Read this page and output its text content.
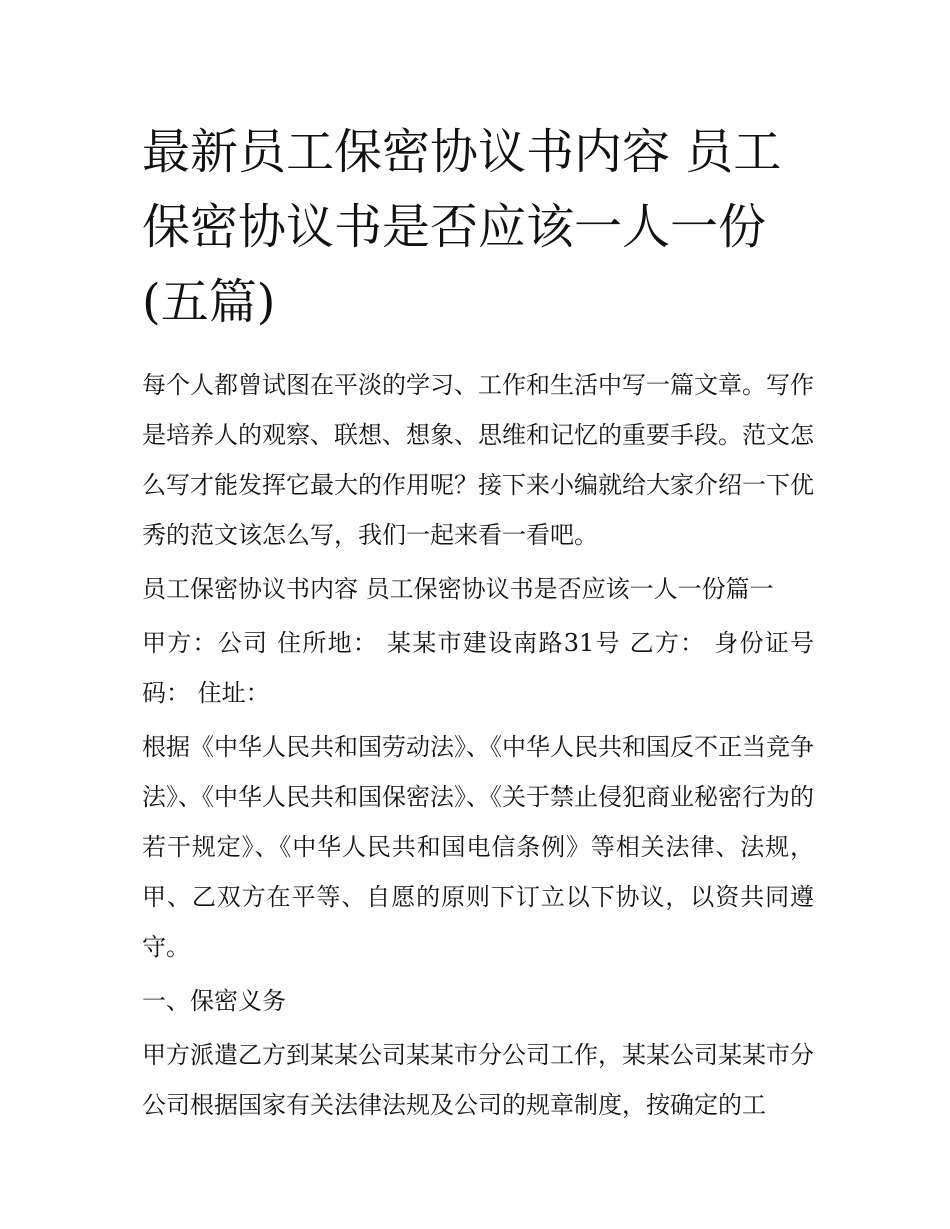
最新员工保密协议书内容 员工保密协议书是否应该一人一份(五篇)

每个人都曾试图在平淡的学习、工作和生活中写一篇文章。写作是培养人的观察、联想、想象、思维和记忆的重要手段。范文怎么写才能发挥它最大的作用呢？接下来小编就给大家介绍一下优秀的范文该怎么写，我们一起来看一看吧。

员工保密协议书内容 员工保密协议书是否应该一人一份篇一

甲方：公司 住所地： 某某市建设南路31号 乙方： 身份证号码： 住址：

根据《中华人民共和国劳动法》、《中华人民共和国反不正当竞争法》、《中华人民共和国保密法》、《关于禁止侵犯商业秘密行为的若干规定》、《中华人民共和国电信条例》等相关法律、法规，甲、乙双方在平等、自愿的原则下订立以下协议，以资共同遵守。

一、保密义务

甲方派遣乙方到某某公司某某市分公司工作，某某公司某某市分公司根据国家有关法律法规及公司的规章制度，按确定的工
